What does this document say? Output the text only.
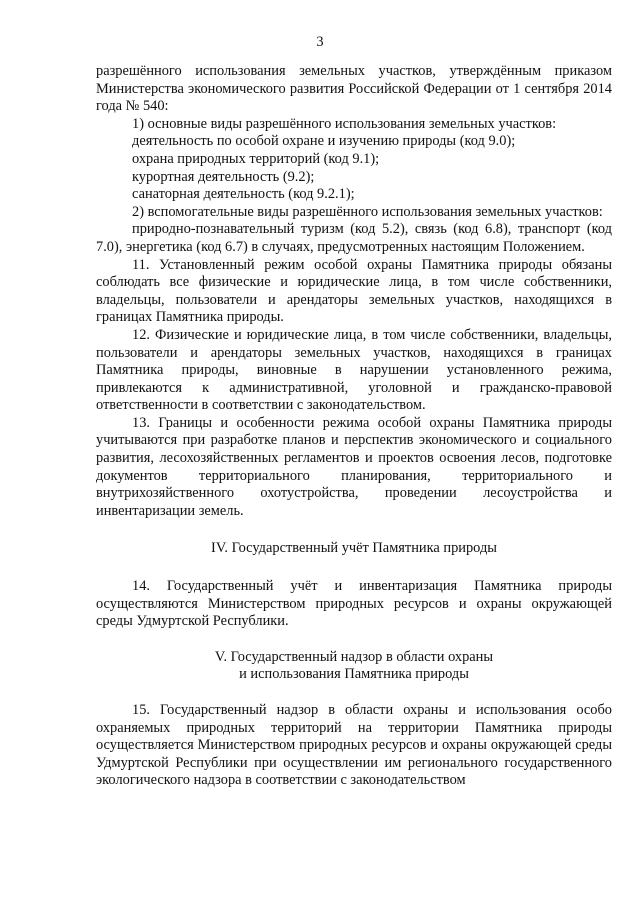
3

разрешённого использования земельных участков, утверждённым приказом Министерства экономического развития Российской Федерации от 1 сентября 2014 года № 540:

1) основные виды разрешённого использования земельных участков:

деятельность по особой охране и изучению природы (код 9.0);

охрана природных территорий (код 9.1);

курортная деятельность (9.2);

санаторная деятельность (код 9.2.1);

2) вспомогательные виды разрешённого использования земельных участков:

природно-познавательный туризм (код 5.2), связь (код 6.8), транспорт (код 7.0), энергетика (код 6.7) в случаях, предусмотренных настоящим Положением.

11. Установленный режим особой охраны Памятника природы обязаны соблюдать все физические и юридические лица, в том числе собственники, владельцы, пользователи и арендаторы земельных участков, находящихся в границах Памятника природы.

12. Физические и юридические лица, в том числе собственники, владельцы, пользователи и арендаторы земельных участков, находящихся в границах Памятника природы, виновные в нарушении установленного режима, привлекаются к административной, уголовной и гражданско-правовой ответственности в соответствии с законодательством.

13. Границы и особенности режима особой охраны Памятника природы учитываются при разработке планов и перспектив экономического и социального развития, лесохозяйственных регламентов и проектов освоения лесов, подготовке документов территориального планирования, территориального и внутрихозяйственного охотустройства, проведении лесоустройства и инвентаризации земель.

IV. Государственный учёт Памятника природы

14. Государственный учёт и инвентаризация Памятника природы осуществляются Министерством природных ресурсов и охраны окружающей среды Удмуртской Республики.

V. Государственный надзор в области охраны

и использования Памятника природы

15. Государственный надзор в области охраны и использования особо охраняемых природных территорий на территории Памятника природы осуществляется Министерством природных ресурсов и охраны окружающей среды Удмуртской Республики при осуществлении им регионального государственного экологического надзора в соответствии с законодательством
